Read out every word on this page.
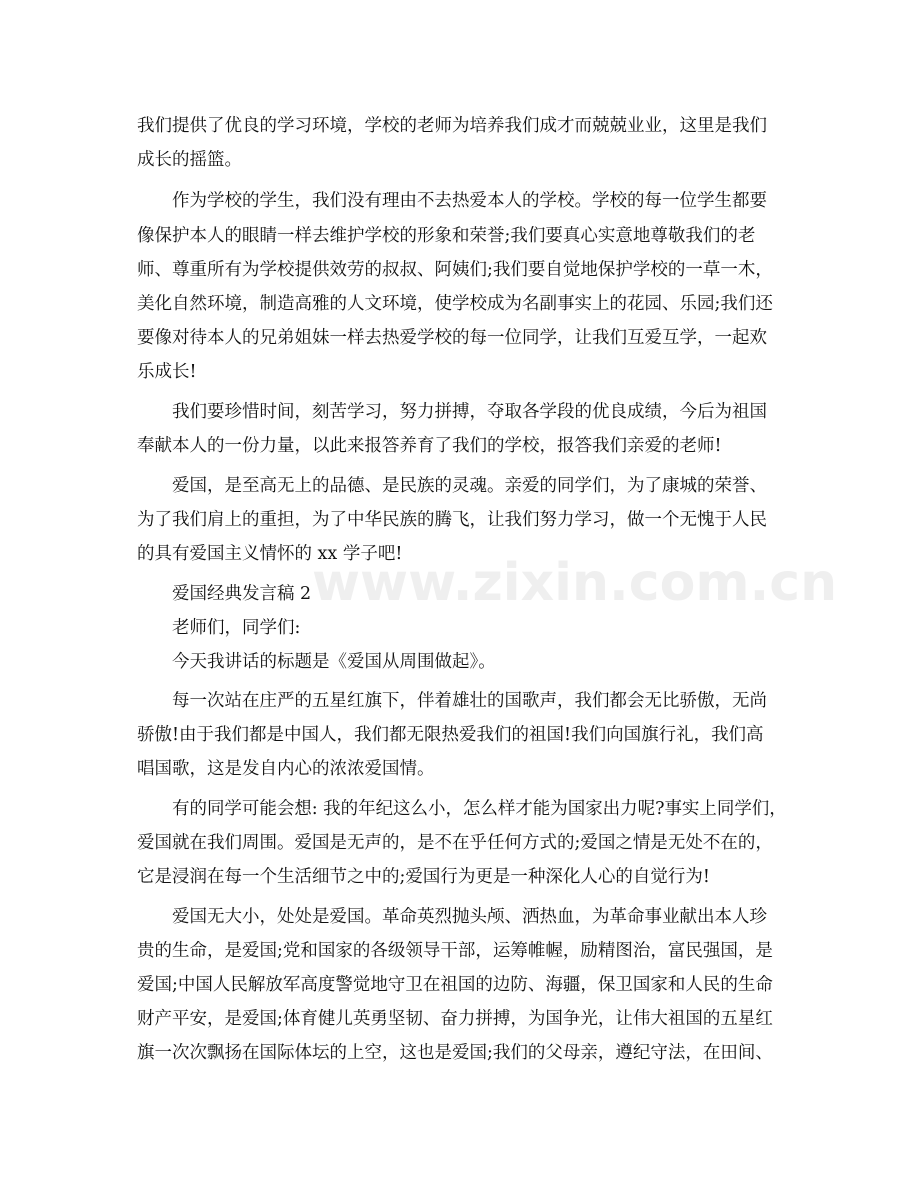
www.zixin.com.cn
我们提供了优良的学习环境，学校的老师为培养我们成才而兢兢业业，这里是我们
成长的摇篮。
作为学校的学生，我们没有理由不去热爱本人的学校。学校的每一位学生都要
像保护本人的眼睛一样去维护学校的形象和荣誉;我们要真心实意地尊敬我们的老
师、尊重所有为学校提供效劳的叔叔、阿姨们;我们要自觉地保护学校的一草一木，
美化自然环境，制造高雅的人文环境，使学校成为名副事实上的花园、乐园;我们还
要像对待本人的兄弟姐妹一样去热爱学校的每一位同学，让我们互爱互学，一起欢
乐成长!
我们要珍惜时间，刻苦学习，努力拼搏，夺取各学段的优良成绩，今后为祖国
奉献本人的一份力量，以此来报答养育了我们的学校，报答我们亲爱的老师!
爱国，是至高无上的品德、是民族的灵魂。亲爱的同学们，为了康城的荣誉、
为了我们肩上的重担，为了中华民族的腾飞，让我们努力学习，做一个无愧于人民
的具有爱国主义情怀的 xx 学子吧!
爱国经典发言稿 2
老师们，同学们:
今天我讲话的标题是《爱国从周围做起》。
每一次站在庄严的五星红旗下，伴着雄壮的国歌声，我们都会无比骄傲，无尚
骄傲!由于我们都是中国人，我们都无限热爱我们的祖国!我们向国旗行礼，我们高
唱国歌，这是发自内心的浓浓爱国情。
有的同学可能会想: 我的年纪这么小，怎么样才能为国家出力呢?事实上同学们，
爱国就在我们周围。爱国是无声的，是不在乎任何方式的;爱国之情是无处不在的，
它是浸润在每一个生活细节之中的;爱国行为更是一种深化人心的自觉行为!
爱国无大小，处处是爱国。革命英烈抛头颅、洒热血，为革命事业献出本人珍
贵的生命，是爱国;党和国家的各级领导干部，运筹帷幄，励精图治，富民强国，是
爱国;中国人民解放军高度警觉地守卫在祖国的边防、海疆，保卫国家和人民的生命
财产平安，是爱国;体育健儿英勇坚韧、奋力拼搏，为国争光，让伟大祖国的五星红
旗一次次飘扬在国际体坛的上空，这也是爱国;我们的父母亲，遵纪守法，在田间、
